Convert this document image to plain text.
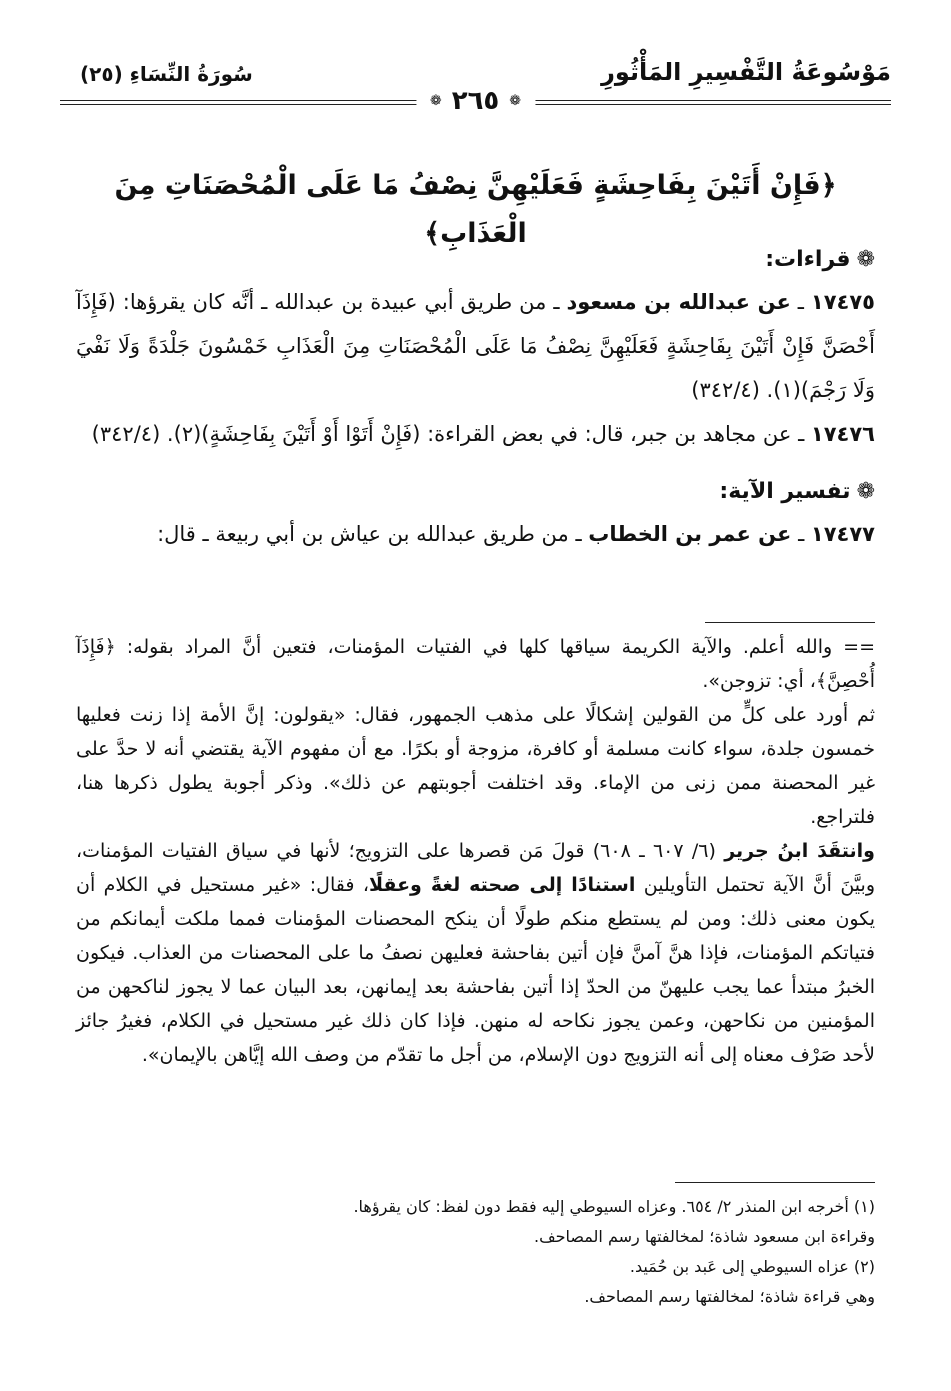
مَوْسُوعَةُ التَّفْسِيرِ المَأْثُورِ
سُورَةُ النِّسَاءِ (٢٥)
❁
٢٦٥
❁
﴿فَإِنْ أَتَيْنَ بِفَاحِشَةٍ فَعَلَيْهِنَّ نِصْفُ مَا عَلَى الْمُحْصَنَاتِ مِنَ الْعَذَابِ﴾

❁قراءات:

١٧٤٧٥ ـ عن عبدالله بن مسعود ـ من طريق أبي عبيدة بن عبدالله ـ أنَّه كان يقرؤها: (فَإِذَآ أَحْصَنَّ فَإِنْ أَتَيْنَ بِفَاحِشَةٍ فَعَلَيْهِنَّ نِصْفُ مَا عَلَى الْمُحْصَنَاتِ مِنَ الْعَذَابِ خَمْسُونَ جَلْدَةً وَلَا نَفْيَ وَلَا رَجْمَ)(١). (٣٤٢/٤)

١٧٤٧٦ ـ عن مجاهد بن جبر، قال: في بعض القراءة: (فَإِنْ أَتَوْا أَوْ أَتَيْنَ بِفَاحِشَةٍ)(٢). (٣٤٢/٤)

❁تفسير الآية:

١٧٤٧٧ ـ عن عمر بن الخطاب ـ من طريق عبدالله بن عياش بن أبي ربيعة ـ قال:

== والله أعلم. والآية الكريمة سياقها كلها في الفتيات المؤمنات، فتعين أنَّ المراد بقوله: ﴿فَإِذَآ أُحْصِنَّ﴾، أي: تزوجن».

ثم أورد على كلٍّ من القولين إشكالًا على مذهب الجمهور، فقال: «يقولون: إنَّ الأمة إذا زنت فعليها خمسون جلدة، سواء كانت مسلمة أو كافرة، مزوجة أو بكرًا. مع أن مفهوم الآية يقتضي أنه لا حدَّ على غير المحصنة ممن زنى من الإماء. وقد اختلفت أجوبتهم عن ذلك». وذكر أجوبة يطول ذكرها هنا، فلتراجع.

وانتقَدَ ابنُ جرير (٦/ ٦٠٧ ـ ٦٠٨) قولَ مَن قصرها على التزويج؛ لأنها في سياق الفتيات المؤمنات، وبيَّنَ أنَّ الآية تحتمل التأويلين استنادًا إلى صحته لغةً وعقلًا، فقال: «غير مستحيل في الكلام أن يكون معنى ذلك: ومن لم يستطع منكم طولًا أن ينكح المحصنات المؤمنات فمما ملكت أيمانكم من فتياتكم المؤمنات، فإذا هنَّ آمنَّ فإن أتين بفاحشة فعليهن نصفُ ما على المحصنات من العذاب. فيكون الخبرُ مبتدأ عما يجب عليهنّ من الحدّ إذا أتين بفاحشة بعد إيمانهن، بعد البيان عما لا يجوز لناكحهن من المؤمنين من نكاحهن، وعمن يجوز نكاحه له منهن. فإذا كان ذلك غير مستحيل في الكلام، فغيرُ جائز لأحد صَرْف معناه إلى أنه التزويج دون الإسلام، من أجل ما تقدّم من وصف الله إيَّاهن بالإيمان».

(١) أخرجه ابن المنذر ٢/ ٦٥٤. وعزاه السيوطي إليه فقط دون لفظ: كان يقرؤها.

وقراءة ابن مسعود شاذة؛ لمخالفتها رسم المصاحف.

(٢) عزاه السيوطي إلى عَبد بن حُمَيد.

وهي قراءة شاذة؛ لمخالفتها رسم المصاحف.
